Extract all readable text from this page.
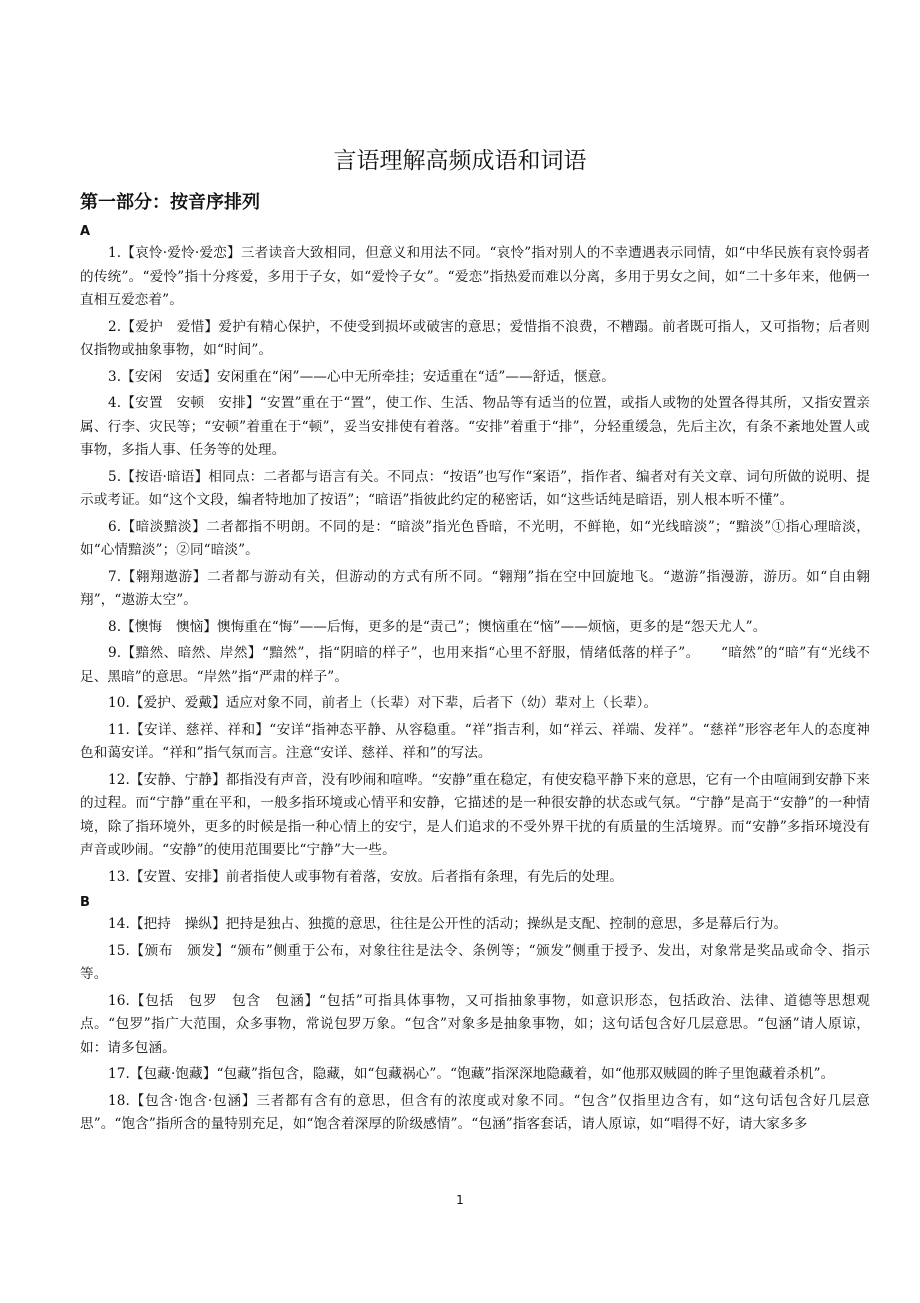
言语理解高频成语和词语
第一部分：按音序排列
A

1.【哀怜·爱怜·爱恋】三者读音大致相同，但意义和用法不同。“哀怜”指对别人的不幸遭遇表示同情，如“中华民族有哀怜弱者的传统”。“爱怜”指十分疼爱，多用于子女，如“爱怜子女”。“爱恋”指热爱而难以分离，多用于男女之间，如“二十多年来，他俩一直相互爱恋着”。

2.【爱护　爱惜】爱护有精心保护，不使受到损坏或破害的意思；爱惜指不浪费，不糟蹋。前者既可指人，又可指物；后者则仅指物或抽象事物，如“时间”。

3.【安闲　安适】安闲重在“闲”——心中无所牵挂；安适重在“适”——舒适，惬意。

4.【安置　安顿　安排】“安置”重在于“置”，使工作、生活、物品等有适当的位置，或指人或物的处置各得其所，又指安置亲属、行李、灾民等；“安顿”着重在于“顿”，妥当安排使有着落。“安排”着重于“排”，分轻重缓急，先后主次，有条不紊地处置人或事物，多指人事、任务等的处理。

5.【按语·暗语】相同点：二者都与语言有关。不同点：“按语”也写作“案语”，指作者、编者对有关文章、词句所做的说明、提示或考证。如“这个文段，编者特地加了按语”；“暗语”指彼此约定的秘密话，如“这些话纯是暗语，别人根本听不懂”。

6.【暗淡黯淡】二者都指不明朗。不同的是：“暗淡”指光色昏暗，不光明，不鲜艳，如“光线暗淡”；“黯淡”①指心理暗淡，如“心情黯淡”；②同“暗淡”。

7.【翱翔遨游】二者都与游动有关，但游动的方式有所不同。“翱翔”指在空中回旋地飞。“遨游”指漫游，游历。如“自由翱翔”，“遨游太空”。

8.【懊悔　懊恼】懊悔重在“悔”——后悔，更多的是“责己”；懊恼重在“恼”——烦恼，更多的是“怨天尤人”。

9.【黯然、暗然、岸然】“黯然”，指“阴暗的样子”，也用来指“心里不舒服，情绪低落的样子”。　　“暗然”的“暗”有“光线不足、黑暗”的意思。“岸然”指“严肃的样子”。

10.【爱护、爱戴】适应对象不同，前者上（长辈）对下辈，后者下（幼）辈对上（长辈）。

11.【安详、慈祥、祥和】“安详“指神态平静、从容稳重。“祥”指吉利，如“祥云、祥端、发祥”。“慈祥”形容老年人的态度神色和蔼安详。“祥和”指气氛而言。注意“安详、慈祥、祥和”的写法。

12.【安静、宁静】都指没有声音，没有吵闹和喧哗。“安静”重在稳定，有使安稳平静下来的意思，它有一个由喧闹到安静下来的过程。而“宁静”重在平和，一般多指环境或心情平和安静，它描述的是一种很安静的状态或气氛。“宁静”是高于“安静”的一种情境，除了指环境外，更多的时候是指一种心情上的安宁，是人们追求的不受外界干扰的有质量的生活境界。而“安静”多指环境没有声音或吵闹。“安静”的使用范围要比“宁静”大一些。

13.【安置、安排】前者指使人或事物有着落，安放。后者指有条理，有先后的处理。

B

14.【把持　操纵】把持是独占、独揽的意思，往往是公开性的活动；操纵是支配、控制的意思，多是幕后行为。

15.【颁布　颁发】“颁布”侧重于公布，对象往往是法令、条例等；“颁发”侧重于授予、发出，对象常是奖品或命令、指示等。

16.【包括　包罗　包含　包涵】“包括”可指具体事物，又可指抽象事物，如意识形态，包括政治、法律、道德等思想观点。“包罗”指广大范围，众多事物，常说包罗万象。“包含”对象多是抽象事物，如；这句话包含好几层意思。“包涵”请人原谅，如：请多包涵。

17.【包藏·饱藏】“包藏”指包含，隐藏，如“包藏祸心”。“饱藏”指深深地隐藏着，如“他那双贼圆的眸子里饱藏着杀机”。

18.【包含·饱含·包涵】三者都有含有的意思，但含有的浓度或对象不同。“包含”仅指里边含有，如“这句话包含好几层意思”。“饱含”指所含的量特别充足，如“饱含着深厚的阶级感情”。“包涵”指客套话，请人原谅，如“唱得不好，请大家多多

1
